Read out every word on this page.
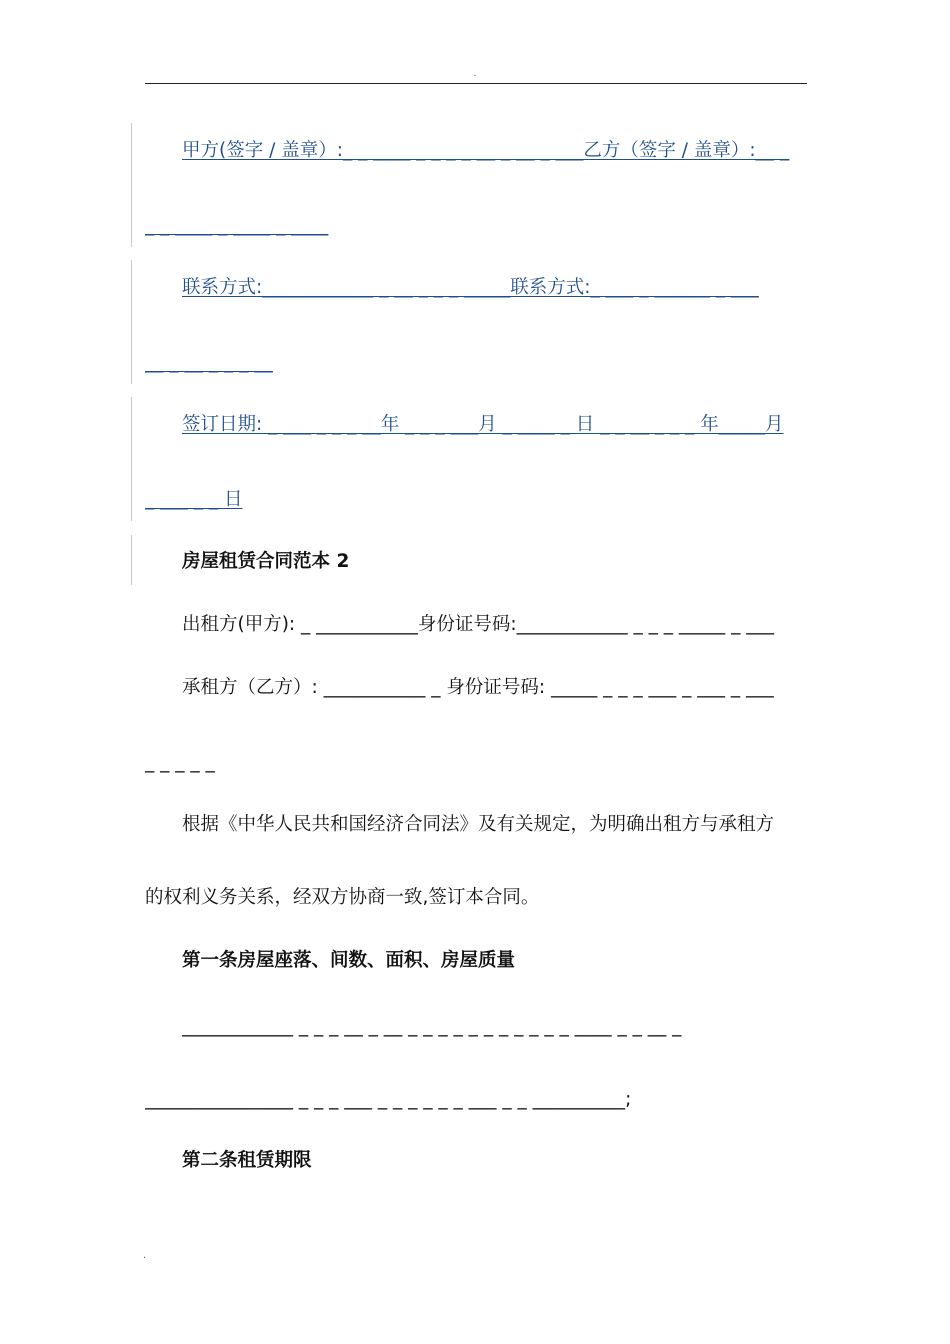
.
甲方(签字 / 盖章）:_ _ ____ _ _ _ _ __ _ __ _ ___乙方（签字 / 盖章）:__ _
_ _ ____ _ ____ _ ____
联系方式:____________ _ __ _ _ _ _____联系方式:_ ___ _ ______ _ ___
__ _ __ _ _ _ __
签订日期: _ ___ _ _ _ __年 _ _ _ ___月 _ ____ _ 日 _ _ __ _ _ _ 年_____月
_ ___ _ _ 日
房屋租赁合同范本 2
出租方(甲方): _ ___________身份证号码:____________ _ _ _ _____ _ ___
承租方（乙方）: ___________ _ 身份证号码: _____ _ _ _ ___ _ ___ _ ___
_ _ _ _ _
根据《中华人民共和国经济合同法》及有关规定，为明确出租方与承租方
的权利义务关系，经双方协商一致,签订本合同。
第一条房屋座落、间数、面积、房屋质量
____________ _ _ _ __ _ __ _ _ _ _ _ _ _ _ _ _ _ ____ _ _ __ _
________________ _ _ _ ___ _ _ _ _ _ _ ___ _ _ __________;
第二条租赁期限
.
